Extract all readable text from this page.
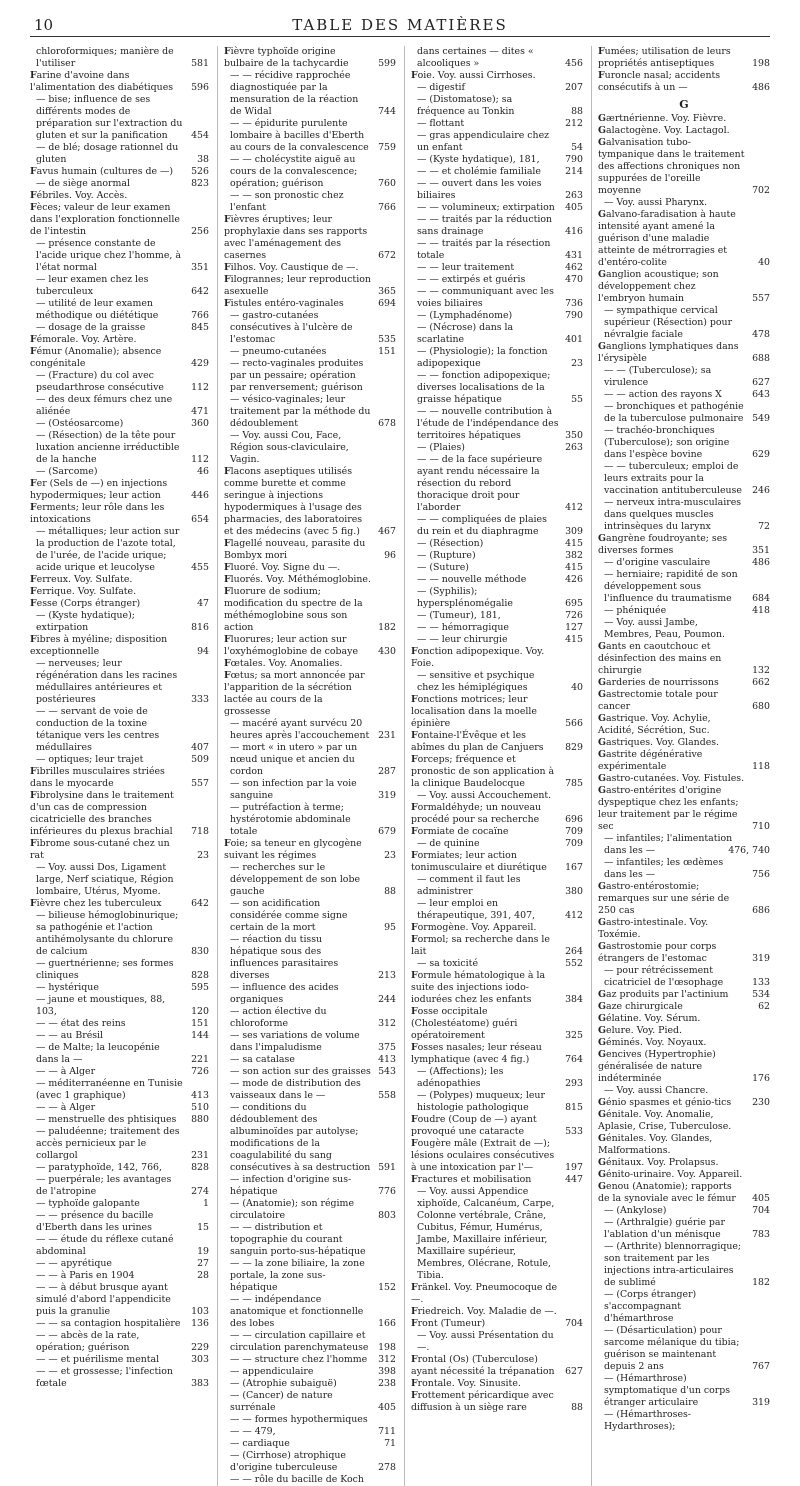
10	TABLE DES MATIÈRES
chloroformiques; manière de l'utiliser	581
Farine d'avoine dans l'alimentation des diabétiques	596
— bise; influence de ses différents modes de préparation sur l'extraction du gluten et sur la panification	454
— de blé; dosage rationnel du gluten	38
Favus humain (cultures de —)	526
— de siège anormal	823
Fébriles. Voy. Accès.
Fèces; valeur de leur examen dans l'exploration fonctionnelle de l'intestin	256
— présence constante de l'acide urique chez l'homme, à l'état normal	351
— leur examen chez les tuberculeux	642
— utilité de leur examen méthodique ou diététique	766
— dosage de la graisse	845
Fémorale. Voy. Artère.
Fémur (Anomalie); absence congénitale	429
— (Fracture) du col avec pseudarthrose consécutive	112
— des deux fémurs chez une aliénée	471
— (Ostéosarcome)	360
— (Résection) de la tête pour luxation ancienne irréductible de la hanche	112
— (Sarcome)	46
Fer (Sels de —) en injections hypodermiques; leur action	446
Ferments; leur rôle dans les intoxications	654
— métalliques; leur action sur la production de l'azote total, de l'urée, de l'acide urique; acide urique et leucolyse	455
Ferreux. Voy. Sulfate.
Ferrique. Voy. Sulfate.
Fesse (Corps étranger)	47
— (Kyste hydatique); extirpation	816
Fibres à myéline; disposition exceptionnelle	94
— nerveuses; leur régénération dans les racines médullaires antérieures et postérieures	333
— — servant de voie de conduction de la toxine tétanique vers les centres médullaires	407
— optiques; leur trajet	509
Fibrilles musculaires striées dans le myocarde	557
Fibrolysine dans le traitement d'un cas de compression cicatricielle des branches inférieures du plexus brachial	718
Fibrome sous-cutané chez un rat	23
— Voy. aussi Dos, Ligament large, Nerf sciatique, Région lombaire, Utérus, Myome.
Fièvre chez les tuberculeux	642
— bilieuse hémoglobinurique; sa pathogénie et l'action antihémolysante du chlorure de calcium	830
— guertnérienne; ses formes cliniques	828
— hystérique	595
— jaune et moustiques, 88, 103,	120
— — état des reins	151
— — au Brésil	144
— de Malte; la leucopénie dans la —	221
— — à Alger	726
— méditerranéenne en Tunisie (avec 1 graphique)	413
— — à Alger	510
— menstruelle des phtisiques	880
— paludéenne; traitement des accès pernicieux par le collargol	231
— paratyphoïde, 142, 766,	828
— puerpérale; les avantages de l'atropine	274
— typhoïde galopante	1
— — présence du bacille d'Eberth dans les urines	15
— — étude du réflexe cutané abdominal	19
— — apyrétique	27
— — à Paris en 1904	28
— — à début brusque ayant simulé d'abord l'appendicite puis la granulie	103
— — sa contagion hospitalière	136
— — abcès de la rate, opération; guérison	229
— — et puérilisme mental	303
— — et grossesse; l'infection fœtale	383
Fièvre typhoïde origine bulbaire de la tachycardie	599
— — récidive rapprochée diagnostiquée par la mensuration de la réaction de Widal	744
— — épidurite purulente lombaire à bacilles d'Eberth au cours de la convalescence 759
— — cholécystite aiguë au cours de la convalescence; opération; guérison	760
— — son pronostic chez l'enfant	766
Fièvres éruptives; leur prophylaxie dans ses rapports avec l'aménagement des casernes	672
Filhos. Voy. Caustique de —.
Filogrannes; leur reproduction asexuelle	365
Fistules entéro-vaginales	694
— gastro-cutanées consécutives à l'ulcère de l'estomac	535
— pneumo-cutanées	151
— recto-vaginales produites par un pessaire; opération par renversement; guérison
— vésico-vaginales; leur traitement par la méthode du dédoublement	678
— Voy. aussi Cou, Face, Région sous-claviculaire, Vagin.
Flacons aseptiques utilisés comme burette et comme seringue à injections hypodermiques à l'usage des pharmacies, des laboratoires et des médecins (avec 5 fig.)	467
Flagellé nouveau, parasite du Bombyx mori	96
Fluoré. Voy. Signe du —.
Fluorés. Voy. Méthémoglobine.
Fluorure de sodium; modification du spectre de la méthémoglobine sous son action	182
Fluorures; leur action sur l'oxyhémoglobine de cobaye	430
Fœtales. Voy. Anomalies.
Fœtus; sa mort annoncée par l'apparition de la sécrétion lactée au cours de la grossesse
— macéré ayant survécu 20 heures après l'accouchement 231
— mort « in utero » par un nœud unique et ancien du cordon	287
— son infection par la voie sanguine	319
— putréfaction à terme; hystérotomie abdominale totale	679
Foie; sa teneur en glycogène suivant les régimes	23
— recherches sur le développement de son lobe gauche	88
— son acidification considérée comme signe certain de la mort	95
— réaction du tissu hépatique sous des influences parasitaires diverses	213
— influence des acides organiques	244
— action élective du chloroforme	312
— ses variations de volume dans l'impaludisme	375
— sa catalase	413
— son action sur des graisses 543
— mode de distribution des vaisseaux dans le —	558
— conditions du dédoublement des albuminoïdes par autolyse; modifications de la coagulabilité du sang consécutives à sa destruction 591
— infection d'origine sus-hépatique	776
— (Anatomie); son régime circulatoire	803
— — distribution et topographie du courant sanguin porto-sus-hépatique
— — la zone biliaire, la zone portale, la zone sus-hépatique	152
— — indépendance anatomique et fonctionnelle des lobes	166
— — circulation capillaire et circulation parenchymateuse	198
— — structure chez l'homme	312
— appendiculaire	398
— (Atrophie subaiguë)	238
— (Cancer) de nature surrénale	405
— — formes hypothermiques
— — 479,	711
— cardiaque	71
— (Cirrhose) atrophique d'origine tuberculeuse	278
— — rôle du bacille de Koch
dans certaines — dites « alcooliques »	456
Foie. Voy. aussi Cirrhoses.
— digestif	207
— (Distomatose); sa fréquence au Tonkin	88
— flottant	212
— gras appendiculaire chez un enfant	54
— (Kyste hydatique), 181,	790
— — et cholémie familiale	214
— — ouvert dans les voies biliaires	263
— — volumineux; extirpation	405
— — traités par la réduction sans drainage	416
— — traités par la résection totale	431
— — leur traitement	462
— — extirpés et guéris	470
— — communiquant avec les voies biliaires	736
— (Lymphadénome)	790
— (Nécrose) dans la scarlatine	401
— (Physiologie); la fonction adipopexique	23
— — fonction adipopexique; diverses localisations de la graisse hépatique	55
— — nouvelle contribution à l'étude de l'indépendance des territoires hépatiques	350
— (Plaies)	263
— — de la face supérieure ayant rendu nécessaire la résection du rebord thoracique droit pour l'aborder	412
— — compliquées de plaies du rein et du diaphragme	309
— (Résection)	415
— (Rupture)	382
— (Suture)	415
— — nouvelle méthode	426
— (Syphilis); hypersplénomégalie	695
— (Tumeur), 181,	726
— — hémorragique	127
— — leur chirurgie	415
Fonction adipopexique. Voy. Foie.
— sensitive et psychique chez les hémiplégiques	40
Fonctions motrices; leur localisation dans la moelle épinière	566
Fontaine-l'Évêque et les abîmes du plan de Canjuers	829
Forceps; fréquence et pronostic de son application à la clinique Baudelocque	785
— Voy. aussi Accouchement.
Formaldéhyde; un nouveau procédé pour sa recherche	696
Formiate de cocaïne	709
— de quinine	709
Formiates; leur action tonimusculaire et diurétique	167
— comment il faut les administrer	380
— leur emploi en thérapeutique, 391, 407,	412
Formogène. Voy. Appareil.
Formol; sa recherche dans le lait	264
— sa toxicité	552
Formule hématologique à la suite des injections iodo-iodurées chez les enfants	384
Fosse occipitale (Cholestéatome) guéri opératoirement	325
Fosses nasales; leur réseau lymphatique (avec 4 fig.)	764
— (Affections); les adénopathies	293
— (Polypes) muqueux; leur histologie pathologique	815
Foudre (Coup de —) ayant provoqué une cataracte	533
Fougère mâle (Extrait de —); lésions oculaires consécutives à une intoxication par l'—	197
Fractures et mobilisation	447
— Voy. aussi Appendice xiphoïde, Calcanéum, Carpe, Colonne vertébrale, Crâne, Cubitus, Fémur, Humérus, Jambe, Maxillaire inférieur, Maxillaire supérieur, Membres, Olécrane, Rotule, Tibia.
Fränkel. Voy. Pneumocoque de —.
Friedreich. Voy. Maladie de —.
Front (Tumeur)	704
— Voy. aussi Présentation du —.
Frontal (Os) (Tuberculose) ayant nécessité la trépanation	627
Frontale. Voy. Sinusite.
Frottement péricardique avec diffusion à un siège rare	88
Fumées; utilisation de leurs propriétés antiseptiques	198
Furoncle nasal; accidents consécutifs à un —	486
G
Gærtnérienne. Voy. Fièvre.
Galactogène. Voy. Lactagol.
Galvanisation tubo-tympanique dans le traitement des affections chroniques non suppurées de l'oreille moyenne	702
— Voy. aussi Pharynx.
Galvano-faradisation à haute intensité ayant amené la guérison d'une maladie atteinte de métrorragies et d'entéro-colite	40
Ganglion acoustique; son développement chez l'embryon humain	557
— sympathique cervical supérieur (Résection) pour névralgie faciale	478
Ganglions lymphatiques dans l'érysipèle	688
— — (Tuberculose); sa virulence	627
— — action des rayons X	643
— bronchiques et pathogénie de la tuberculose pulmonaire 549
— trachéo-bronchiques (Tuberculose); son origine dans l'espèce bovine	629
— — tuberculeux; emploi de leurs extraits pour la vaccination antituberculeuse	246
— nerveux intra-musculaires dans quelques muscles intrinsèques du larynx	72
Gangrène foudroyante; ses diverses formes	351
— d'origine vasculaire	486
— herniaire; rapidité de son développement sous l'influence du traumatisme	684
— phéniquée	418
— Voy. aussi Jambe, Membres, Peau, Poumon.
Gants en caoutchouc et désinfection des mains en chirurgie	132
Garderies de nourrissons	662
Gastrectomie totale pour cancer	680
Gastrique. Voy. Achylie, Acidité, Sécrétion, Suc.
Gastriques. Voy. Glandes.
Gastrite dégénérative expérimentale	118
Gastro-cutanées. Voy. Fistules.
Gastro-entérites d'origine dyspeptique chez les enfants; leur traitement par le régime sec	710
— infantiles; l'alimentation dans les —	476, 740
— infantiles; les œdèmes dans les —	756
Gastro-entérostomie; remarques sur une série de 250 cas	686
Gastro-intestinale. Voy. Toxémie.
Gastrostomie pour corps étrangers de l'estomac	319
— pour rétrécissement cicatriciel de l'œsophage	133
Gaz produits par l'actinium	534
Gaze chirurgicale	62
Gélatine. Voy. Sérum.
Gelure. Voy. Pied.
Géminés. Voy. Noyaux.
Gencives (Hypertrophie) généralisée de nature indéterminée	176
— Voy. aussi Chancre.
Génio spasmes et génio-tics	230
Génitale. Voy. Anomalie, Aplasie, Crise, Tuberculose.
Génitales. Voy. Glandes, Malformations.
Génitaux. Voy. Prolapsus.
Génito-urinaire. Voy. Appareil.
Genou (Anatomie); rapports de la synoviale avec le fémur	405
— (Ankylose)	704
— (Arthralgie) guérie par l'ablation d'un ménisque	783
— (Arthrite) blennorragique; son traitement par les injections intra-articulaires de sublimé	182
— (Corps étranger) s'accompagnant d'hémarthrose
— (Désarticulation) pour sarcome mélanique du tibia; guérison se maintenant depuis 2 ans	767
— (Hémarthrose) symptomatique d'un corps étranger articulaire	319
— (Hémarthroses-Hydarthroses);
